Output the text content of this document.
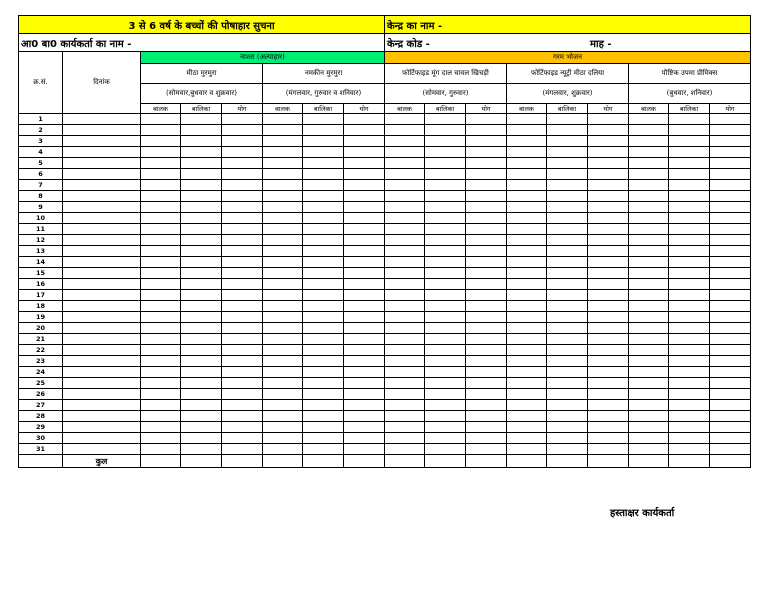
3 से 6 वर्ष के बच्चों की पोषाहार सुचना								केन्द्र का नाम -								
आ0 बा0 कार्यकर्ता का नाम -								केन्द्र कोड -					माह -			
क्र.सं.	दिनांक	नाश्ता (अल्पाहार)						गरम भोजन								
		मीठा मुरमुरा			नमकीन मुरमुरा			फोर्टिफाइड मूंग दाल चावल खिचड़ी			फोर्टिफाइड न्यूट्री मीठा दलिया			पौष्टिक उपमा प्रीमिक्स		
		(सोमवार,बुधवार व शुक्रवार)			(मंगलवार, गुरुवार व शनिवार)			(सोमवार, गुरुवार)			(मंगलवार, शुक्रवार)			(बुधवार, शनिवार)		
		बालक	बालिका	योग	बालक	बालिका	योग	बालक	बालिका	योग	बालक	बालिका	योग	बालक	बालिका	योग
1																
2																
3																
4																
5																
6																
7																
8																
9																
10																
11																
12																
13																
14																
15																
16																
17																
18																
19																
20																
21																
22																
23																
24																
25																
26																
27																
28																
29																
30																
31																
	कुल															
हस्ताक्षर कार्यकर्ता
